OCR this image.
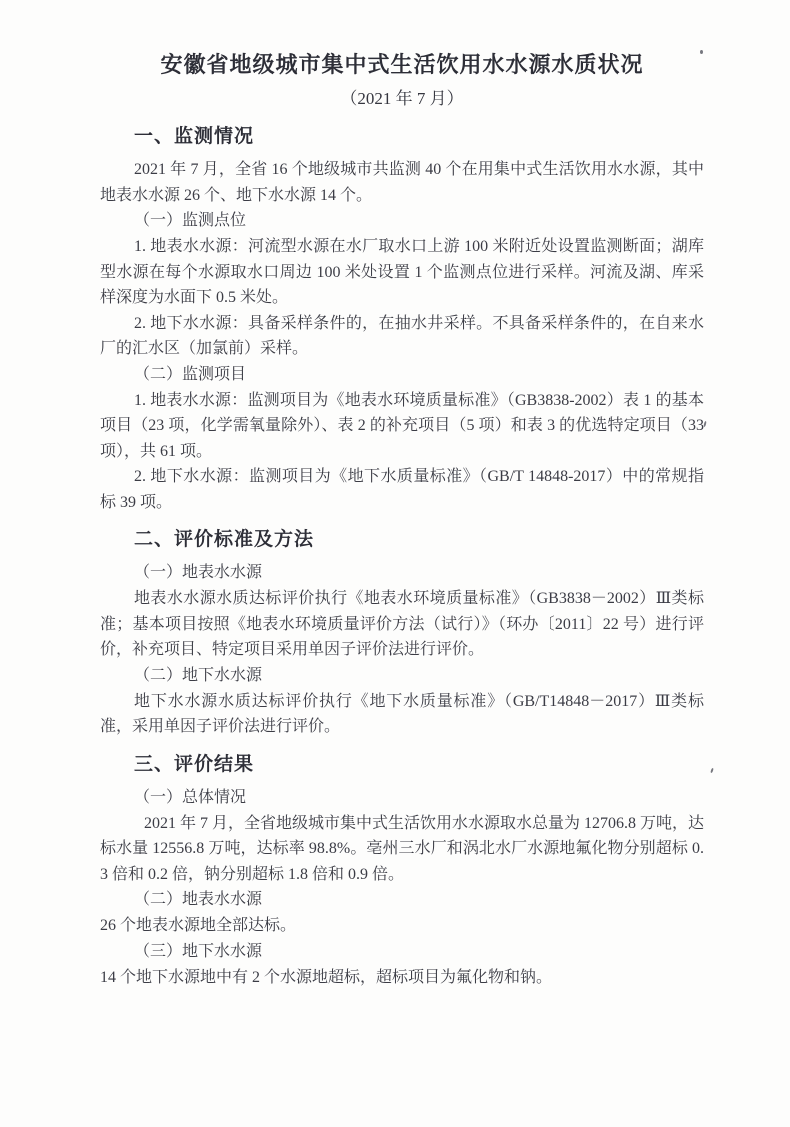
安徽省地级城市集中式生活饮用水水源水质状况
（2021 年 7 月）
一、监测情况

2021 年 7 月，全省 16 个地级城市共监测 40 个在用集中式生活饮用水水源，其中地表水水源 26 个、地下水水源 14 个。

（一）监测点位

1. 地表水水源：河流型水源在水厂取水口上游 100 米附近处设置监测断面；湖库型水源在每个水源取水口周边 100 米处设置 1 个监测点位进行采样。河流及湖、库采样深度为水面下 0.5 米处。

2. 地下水水源：具备采样条件的，在抽水井采样。不具备采样条件的，在自来水厂的汇水区（加氯前）采样。

（二）监测项目

1. 地表水水源：监测项目为《地表水环境质量标准》（GB3838-2002）表 1 的基本项目（23 项，化学需氧量除外）、表 2 的补充项目（5 项）和表 3 的优选特定项目（33 项），共 61 项。

2. 地下水水源：监测项目为《地下水质量标准》（GB/T 14848-2017）中的常规指标 39 项。

二、评价标准及方法
（一）地表水水源

地表水水源水质达标评价执行《地表水环境质量标准》（GB3838－2002）Ⅲ类标准；基本项目按照《地表水环境质量评价方法（试行）》（环办〔2011〕22 号）进行评价，补充项目、特定项目采用单因子评价法进行评价。

（二）地下水水源

地下水水源水质达标评价执行《地下水质量标准》（GB/T14848－2017）Ⅲ类标准，采用单因子评价法进行评价。

三、评价结果
（一）总体情况

2021 年 7 月，全省地级城市集中式生活饮用水水源取水总量为 12706.8 万吨，达标水量 12556.8 万吨，达标率 98.8%。亳州三水厂和涡北水厂水源地氟化物分别超标 0.3 倍和 0.2 倍，钠分别超标 1.8 倍和 0.9 倍。

（二）地表水水源

26 个地表水源地全部达标。

（三）地下水水源

14 个地下水源地中有 2 个水源地超标，超标项目为氟化物和钠。
